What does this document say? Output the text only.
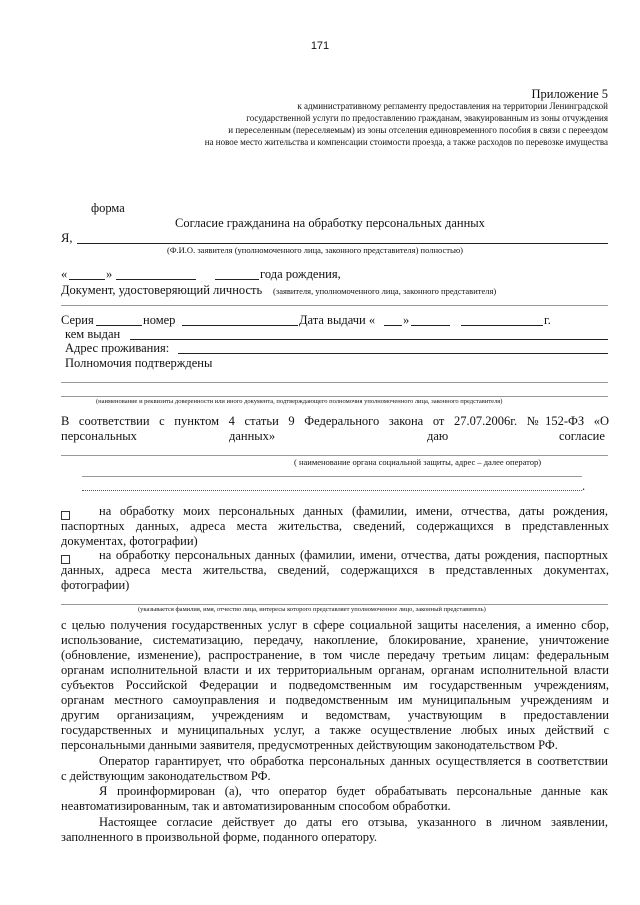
171
Приложение 5
к административному регламенту предоставления на территории Ленинградской
государственной услуги по предоставлению гражданам, эвакуированным из зоны отчуждения
и переселенным (переселяемым) из зоны отселения единовременного пособия в связи с переездом
на новое место жительства и компенсации стоимости проезда, а также расходов по перевозке имущества
форма
Согласие гражданина на обработку персональных данных
Я,
(Ф.И.О. заявителя (уполномоченного лица, законного представителя) полностью)
«	»	года рождения,
Документ, удостоверяющий личность (заявителя, уполномоченного лица, законного представителя)
Серия	номер	Дата выдачи « »	г.
кем выдан
Адрес проживания:
Полномочия подтверждены
(наименование и реквизиты доверенности или иного документа, подтверждающего полномочия уполномоченного лица, законного представителя)
В соответствии с пунктом 4 статьи 9 Федерального закона от 27.07.2006г. №152-ФЗ «О
персональных	данных»	даю	согласие
( наименование органа социальной защиты, адрес – далее оператор)
.
на обработку моих персональных данных (фамилии, имени, отчества, даты рождения,
паспортных данных, адреса места жительства, сведений, содержащихся в представленных
документах, фотографии)
на обработку персональных данных (фамилии, имени, отчества, даты рождения, паспортных
данных, адреса места жительства, сведений, содержащихся в представленных документах,
фотографии)
(указывается фамилия, имя, отчество лица, интересы которого представляет уполномоченное лицо, законный представитель)
с целью получения государственных услуг в сфере социальной защиты населения, а именно сбор,
использование, систематизацию, передачу, накопление, блокирование, хранение, уничтожение
(обновление, изменение), распространение, в том числе передачу третьим лицам: федеральным
органам исполнительной власти и их территориальным органам, органам исполнительной власти
субъектов Российской Федерации и подведомственным им государственным учреждениям,
органам местного самоуправления и подведомственным им муниципальным учреждениям и
другим организациям, учреждениям и ведомствам, участвующим в предоставлении
государственных и муниципальных услуг, а также осуществление любых иных действий с
персональными данными заявителя, предусмотренных действующим законодательством РФ.
Оператор гарантирует, что обработка персональных данных осуществляется в соответствии
с действующим законодательством РФ.
Я проинформирован (а), что оператор будет обрабатывать персональные данные как
неавтоматизированным, так и автоматизированным способом обработки.
Настоящее согласие действует до даты его отзыва, указанного в личном заявлении,
заполненного в произвольной форме, поданного оператору.
